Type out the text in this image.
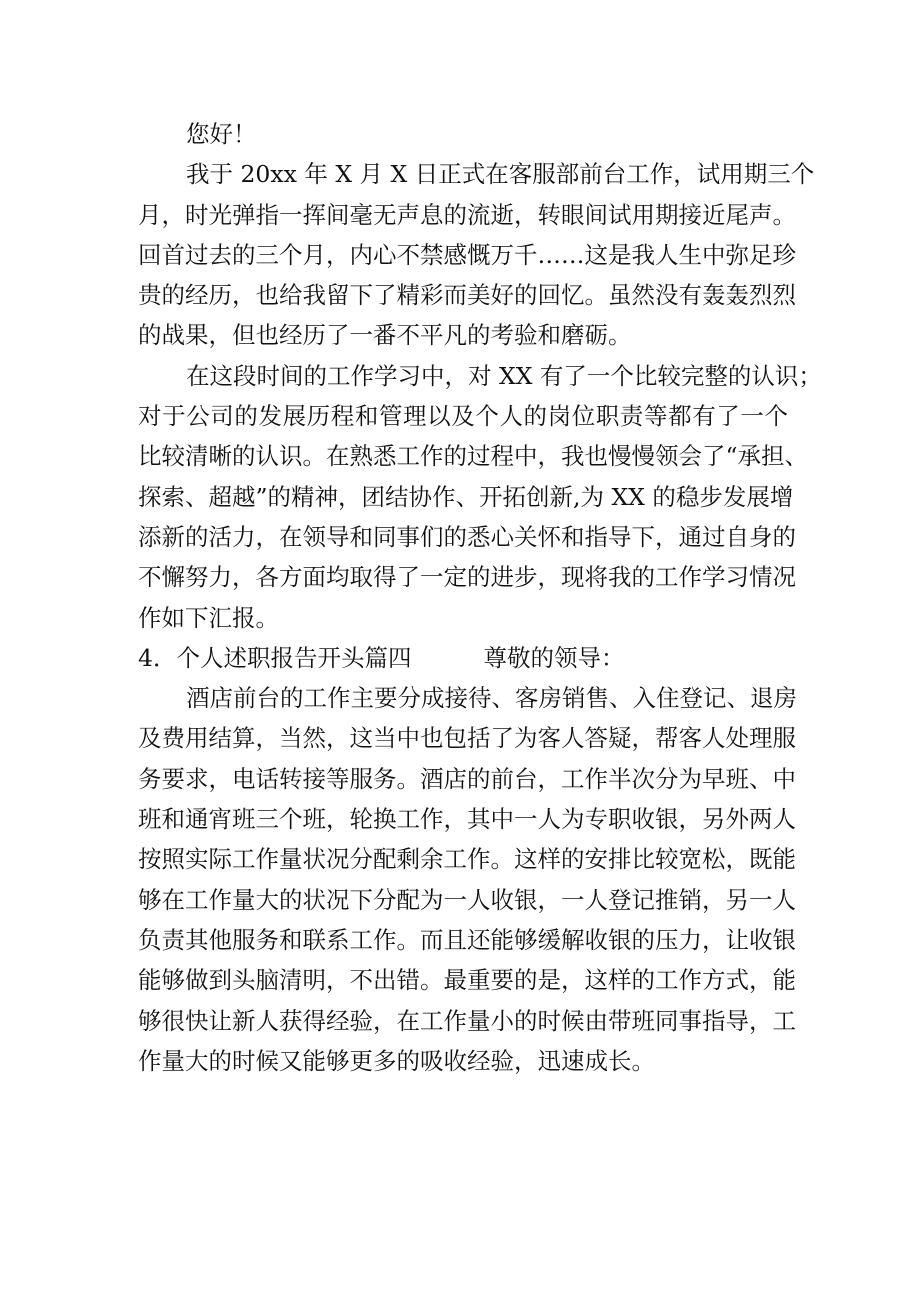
您好！
我于 20xx 年 X 月 X 日正式在客服部前台工作，试用期三个
月，时光弹指一挥间毫无声息的流逝，转眼间试用期接近尾声。
回首过去的三个月，内心不禁感慨万千……这是我人生中弥足珍
贵的经历，也给我留下了精彩而美好的回忆。虽然没有轰轰烈烈
的战果，但也经历了一番不平凡的考验和磨砺。
在这段时间的工作学习中，对 XX 有了一个比较完整的认识；
对于公司的发展历程和管理以及个人的岗位职责等都有了一个
比较清晰的认识。在熟悉工作的过程中，我也慢慢领会了“承担、
探索、超越”的精神，团结协作、开拓创新,为 XX 的稳步发展增
添新的活力，在领导和同事们的悉心关怀和指导下，通过自身的
不懈努力，各方面均取得了一定的进步，现将我的工作学习情况
作如下汇报。
4．个人述职报告开头篇四	尊敬的领导：
酒店前台的工作主要分成接待、客房销售、入住登记、退房
及费用结算，当然，这当中也包括了为客人答疑，帮客人处理服
务要求，电话转接等服务。酒店的前台，工作半次分为早班、中
班和通宵班三个班，轮换工作，其中一人为专职收银，另外两人
按照实际工作量状况分配剩余工作。这样的安排比较宽松，既能
够在工作量大的状况下分配为一人收银，一人登记推销，另一人
负责其他服务和联系工作。而且还能够缓解收银的压力，让收银
能够做到头脑清明，不出错。最重要的是，这样的工作方式，能
够很快让新人获得经验，在工作量小的时候由带班同事指导，工
作量大的时候又能够更多的吸收经验，迅速成长。
